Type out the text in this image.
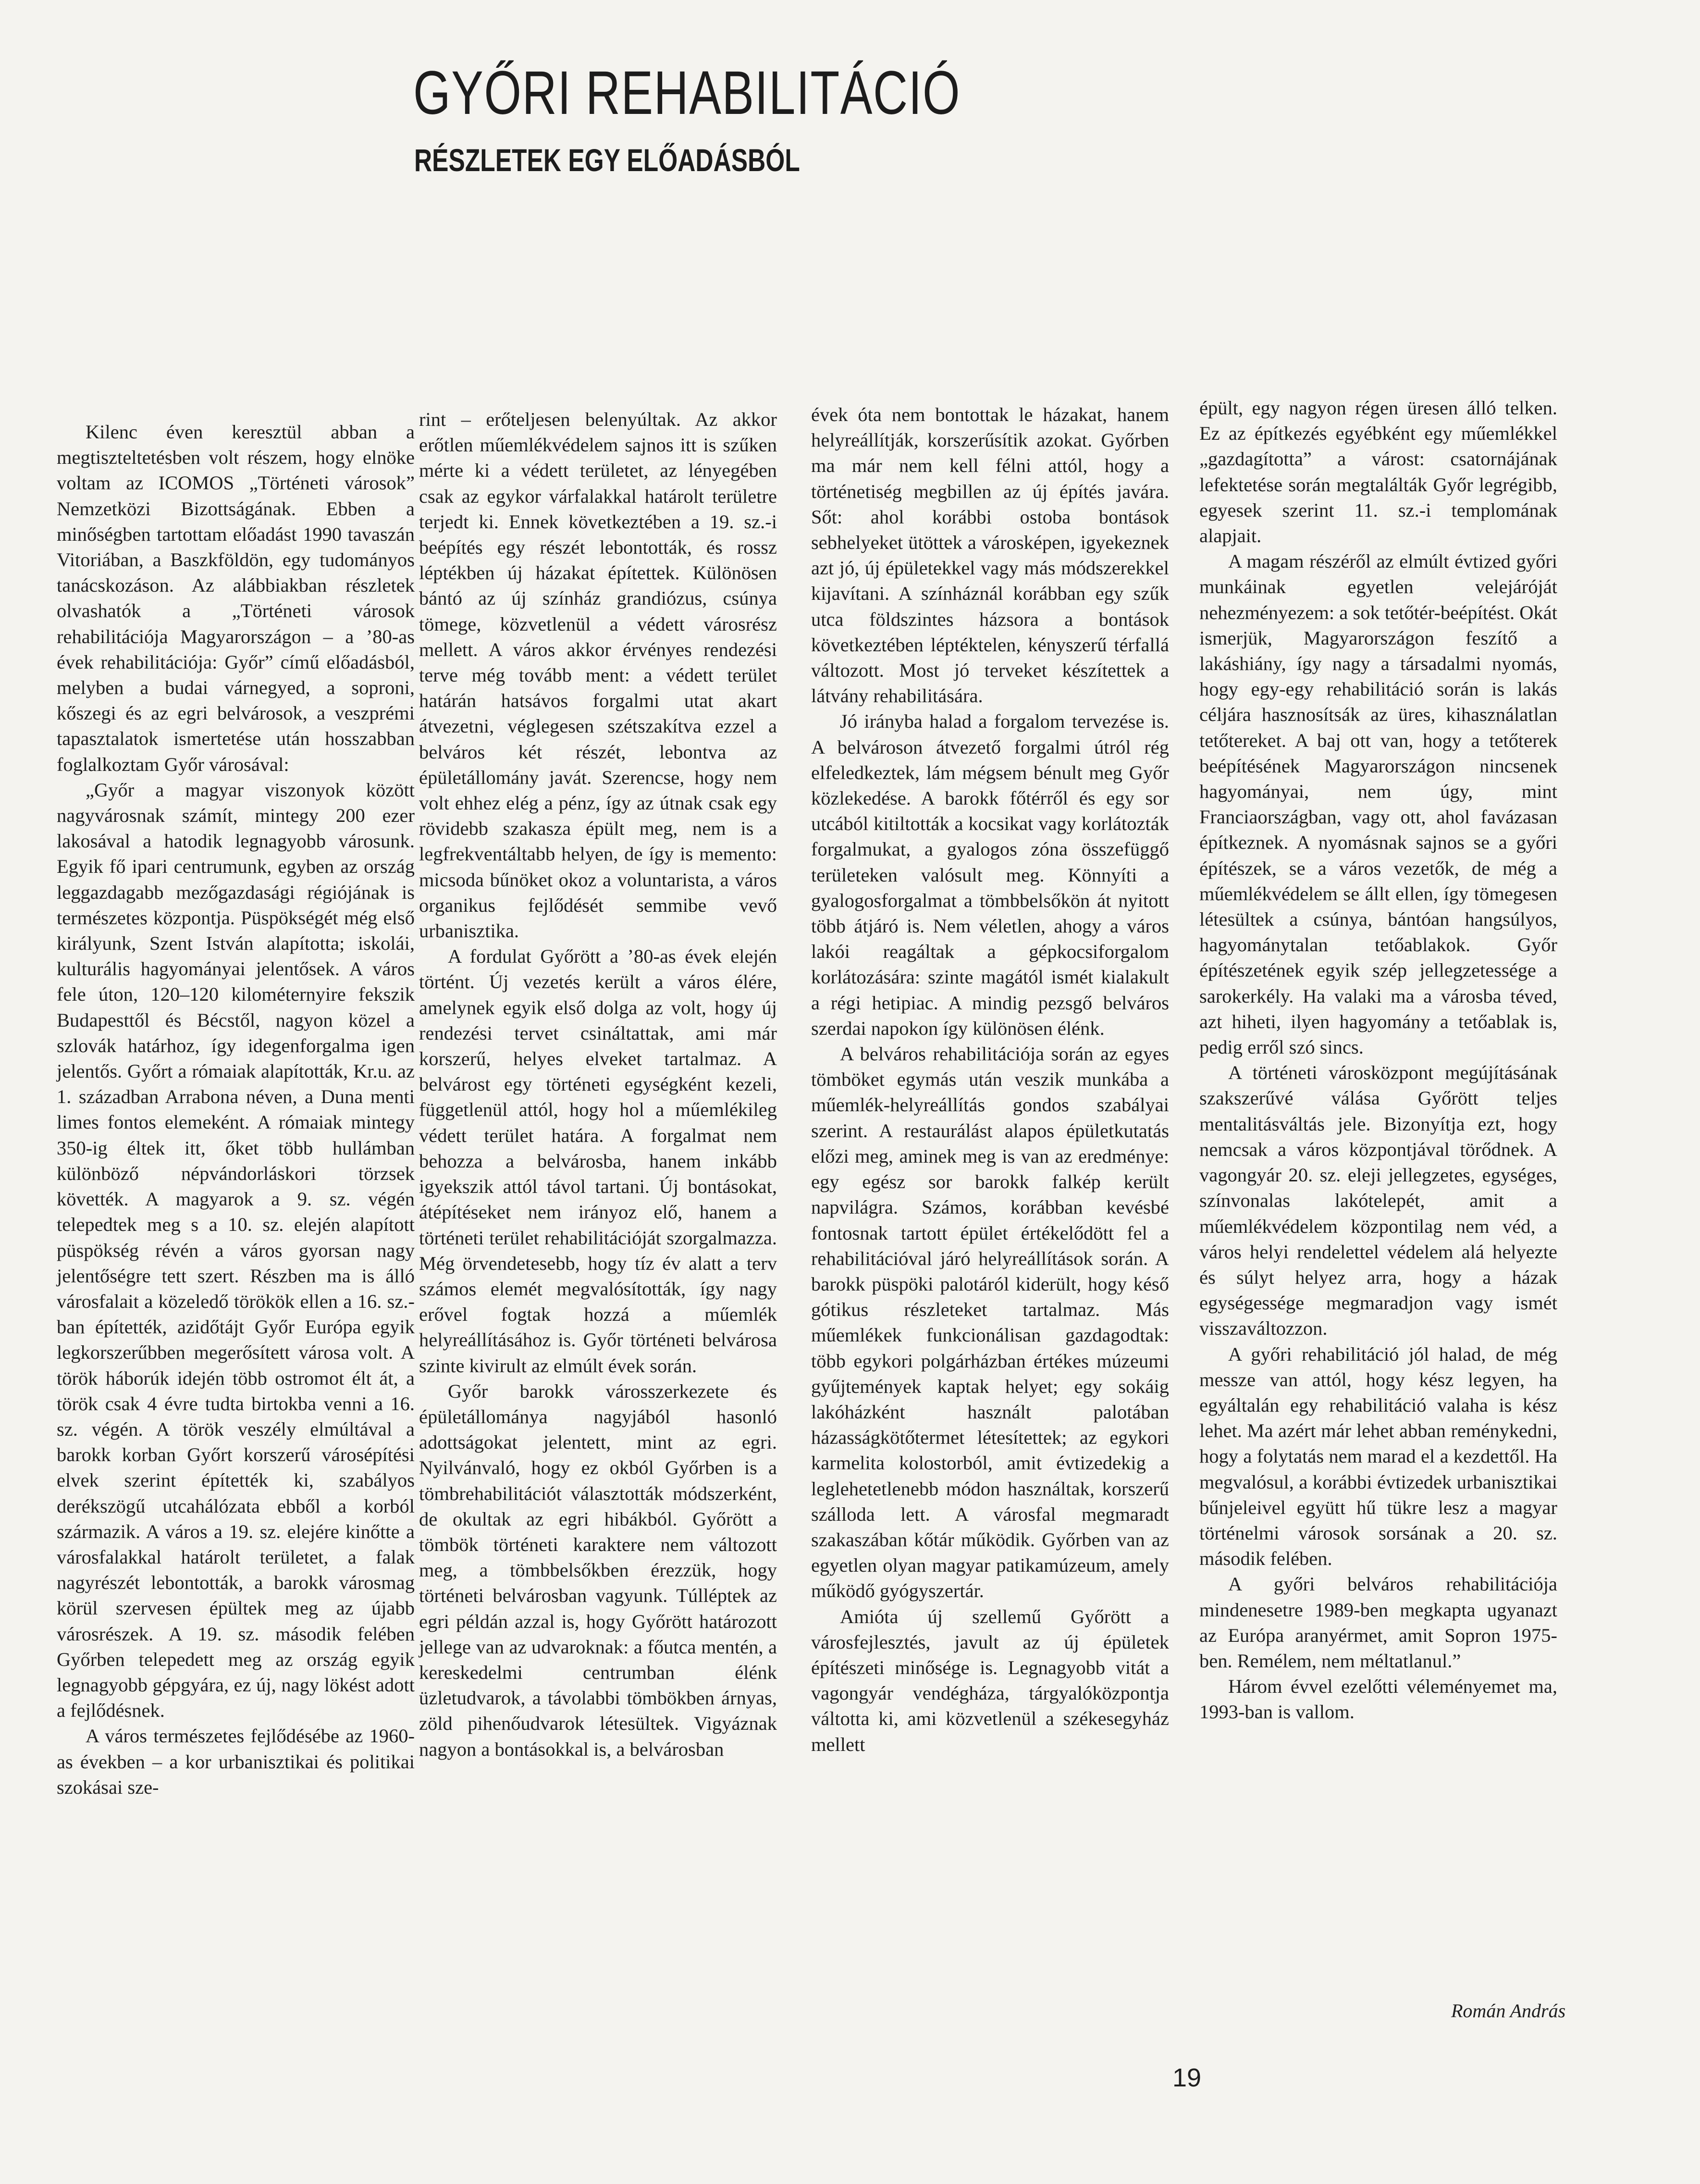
GYŐRI REHABILITÁCIÓ
RÉSZLETEK EGY ELŐADÁSBÓL

Kilenc éven keresztül abban a megtiszteltetésben volt részem, hogy elnöke voltam az ICOMOS „Történeti városok” Nemzetközi Bizottságának. Ebben a minőségben tartottam előadást 1990 tavaszán Vitoriában, a Baszkföldön, egy tudományos tanácskozáson. Az alábbiakban részletek olvashatók a „Történeti városok rehabilitációja Magyarországon – a ’80-as évek rehabilitációja: Győr” című előadásból, melyben a budai várnegyed, a soproni, kőszegi és az egri belvárosok, a veszprémi tapasztalatok ismertetése után hosszabban foglalkoztam Győr városával:

„Győr a magyar viszonyok között nagyvárosnak számít, mintegy 200 ezer lakosával a hatodik legnagyobb városunk. Egyik fő ipari centrumunk, egyben az ország leggazdagabb mezőgazdasági régiójának is természetes központja. Püspökségét még első királyunk, Szent István alapította; iskolái, kulturális hagyományai jelentősek. A város fele úton, 120–120 kilométernyire fekszik Budapesttől és Bécstől, nagyon közel a szlovák határhoz, így idegenforgalma igen jelentős. Győrt a rómaiak alapították, Kr.u. az 1. században Arrabona néven, a Duna menti limes fontos elemeként. A rómaiak mintegy 350-ig éltek itt, őket több hullámban különböző népvándorláskori törzsek követték. A magyarok a 9. sz. végén telepedtek meg s a 10. sz. elején alapított püspökség révén a város gyorsan nagy jelentőségre tett szert. Részben ma is álló városfalait a közeledő törökök ellen a 16. sz.-ban építették, azidőtájt Győr Európa egyik legkorszerűbben megerősített városa volt. A török háborúk idején több ostromot élt át, a török csak 4 évre tudta birtokba venni a 16. sz. végén. A török veszély elmúltával a barokk korban Győrt korszerű városépítési elvek szerint építették ki, szabályos derékszögű utcahálózata ebből a korból származik. A város a 19. sz. elejére kinőtte a városfalakkal határolt területet, a falak nagyrészét lebontották, a barokk városmag körül szervesen épültek meg az újabb városrészek. A 19. sz. második felében Győrben telepedett meg az ország egyik legnagyobb gépgyára, ez új, nagy lökést adott a fejlődésnek.

A város természetes fejlődésébe az 1960-as években – a kor urbanisztikai és politikai szokásai sze-

rint – erőteljesen belenyúltak. Az akkor erőtlen műemlékvédelem sajnos itt is szűken mérte ki a védett területet, az lényegében csak az egykor várfalakkal határolt területre terjedt ki. Ennek következtében a 19. sz.-i beépítés egy részét lebontották, és rossz léptékben új házakat építettek. Különösen bántó az új színház grandiózus, csúnya tömege, közvetlenül a védett városrész mellett. A város akkor érvényes rendezési terve még tovább ment: a védett terület határán hatsávos forgalmi utat akart átvezetni, véglegesen szétszakítva ezzel a belváros két részét, lebontva az épületállomány javát. Szerencse, hogy nem volt ehhez elég a pénz, így az útnak csak egy rövidebb szakasza épült meg, nem is a legfrekventáltabb helyen, de így is memento: micsoda bűnöket okoz a voluntarista, a város organikus fejlődését semmibe vevő urbanisztika.

A fordulat Győrött a ’80-as évek elején történt. Új vezetés került a város élére, amelynek egyik első dolga az volt, hogy új rendezési tervet csináltattak, ami már korszerű, helyes elveket tartalmaz. A belvárost egy történeti egységként kezeli, függetlenül attól, hogy hol a műemlékileg védett terület határa. A forgalmat nem behozza a belvárosba, hanem inkább igyekszik attól távol tartani. Új bontásokat, átépítéseket nem irányoz elő, hanem a történeti terület rehabilitációját szorgalmazza. Még örvendetesebb, hogy tíz év alatt a terv számos elemét megvalósították, így nagy erővel fogtak hozzá a műemlék helyreállításához is. Győr történeti belvárosa szinte kivirult az elmúlt évek során.

Győr barokk városszerkezete és épületállománya nagyjából hasonló adottságokat jelentett, mint az egri. Nyilvánvaló, hogy ez okból Győrben is a tömbrehabilitációt választották módszerként, de okultak az egri hibákból. Győrött a tömbök történeti karaktere nem változott meg, a tömbbelsőkben érezzük, hogy történeti belvárosban vagyunk. Túlléptek az egri példán azzal is, hogy Győrött határozott jellege van az udvaroknak: a főutca mentén, a kereskedelmi centrumban élénk üzletudvarok, a távolabbi tömbökben árnyas, zöld pihenőudvarok létesültek. Vigyáznak nagyon a bontásokkal is, a belvárosban

évek óta nem bontottak le házakat, hanem helyreállítják, korszerűsítik azokat. Győrben ma már nem kell félni attól, hogy a történetiség megbillen az új építés javára. Sőt: ahol korábbi ostoba bontások sebhelyeket ütöttek a városképen, igyekeznek azt jó, új épületekkel vagy más módszerekkel kijavítani. A színháznál korábban egy szűk utca földszintes házsora a bontások következtében léptéktelen, kényszerű térfallá változott. Most jó terveket készítettek a látvány rehabilitására.

Jó irányba halad a forgalom tervezése is. A belvároson átvezető forgalmi útról rég elfeledkeztek, lám mégsem bénult meg Győr közlekedése. A barokk főtérről és egy sor utcából kitiltották a kocsikat vagy korlátozták forgalmukat, a gyalogos zóna összefüggő területeken valósult meg. Könnyíti a gyalogosforgalmat a tömbbelsőkön át nyitott több átjáró is. Nem véletlen, ahogy a város lakói reagáltak a gépkocsiforgalom korlátozására: szinte magától ismét kialakult a régi hetipiac. A mindig pezsgő belváros szerdai napokon így különösen élénk.

A belváros rehabilitációja során az egyes tömböket egymás után veszik munkába a műemlék-helyreállítás gondos szabályai szerint. A restaurálást alapos épületkutatás előzi meg, aminek meg is van az eredménye: egy egész sor barokk falkép került napvilágra. Számos, korábban kevésbé fontosnak tartott épület értékelődött fel a rehabilitációval járó helyreállítások során. A barokk püspöki palotáról kiderült, hogy késő gótikus részleteket tartalmaz. Más műemlékek funkcionálisan gazdagodtak: több egykori polgárházban értékes múzeumi gyűjtemények kaptak helyet; egy sokáig lakóházként használt palotában házasságkötőtermet létesítettek; az egykori karmelita kolostorból, amit évtizedekig a leglehetetlenebb módon használtak, korszerű szálloda lett. A városfal megmaradt szakaszában kőtár működik. Győrben van az egyetlen olyan magyar patikamúzeum, amely működő gyógyszertár.

Amióta új szellemű Győrött a városfejlesztés, javult az új épületek építészeti minősége is. Legnagyobb vitát a vagongyár vendégháza, tárgyalóközpontja váltotta ki, ami közvetlenül a székesegyház mellett

épült, egy nagyon régen üresen álló telken. Ez az építkezés egyébként egy műemlékkel „gazdagította” a várost: csatornájának lefektetése során megtalálták Győr legrégibb, egyesek szerint 11. sz.-i templomának alapjait.

A magam részéről az elmúlt évtized győri munkáinak egyetlen velejáróját nehezményezem: a sok tetőtér-beépítést. Okát ismerjük, Magyarországon feszítő a lakáshiány, így nagy a társadalmi nyomás, hogy egy-egy rehabilitáció során is lakás céljára hasznosítsák az üres, kihasználatlan tetőtereket. A baj ott van, hogy a tetőterek beépítésének Magyarországon nincsenek hagyományai, nem úgy, mint Franciaországban, vagy ott, ahol favázasan építkeznek. A nyomásnak sajnos se a győri építészek, se a város vezetők, de még a műemlékvédelem se állt ellen, így tömegesen létesültek a csúnya, bántóan hangsúlyos, hagyománytalan tetőablakok. Győr építészetének egyik szép jellegzetessége a sarokerkély. Ha valaki ma a városba téved, azt hiheti, ilyen hagyomány a tetőablak is, pedig erről szó sincs.

A történeti városközpont megújításának szakszerűvé válása Győrött teljes mentalitásváltás jele. Bizonyítja ezt, hogy nemcsak a város központjával törődnek. A vagongyár 20. sz. eleji jellegzetes, egységes, színvonalas lakótelepét, amit a műemlékvédelem központilag nem véd, a város helyi rendelettel védelem alá helyezte és súlyt helyez arra, hogy a házak egységessége megmaradjon vagy ismét visszaváltozzon.

A győri rehabilitáció jól halad, de még messze van attól, hogy kész legyen, ha egyáltalán egy rehabilitáció valaha is kész lehet. Ma azért már lehet abban reménykedni, hogy a folytatás nem marad el a kezdettől. Ha megvalósul, a korábbi évtizedek urbanisztikai bűnjeleivel együtt hű tükre lesz a magyar történelmi városok sorsának a 20. sz. második felében.

A győri belváros rehabilitációja mindenesetre 1989-ben megkapta ugyanazt az Európa aranyérmet, amit Sopron 1975-ben. Remélem, nem méltatlanul.”

Három évvel ezelőtti véleményemet ma, 1993-ban is vallom.

Román András
19
